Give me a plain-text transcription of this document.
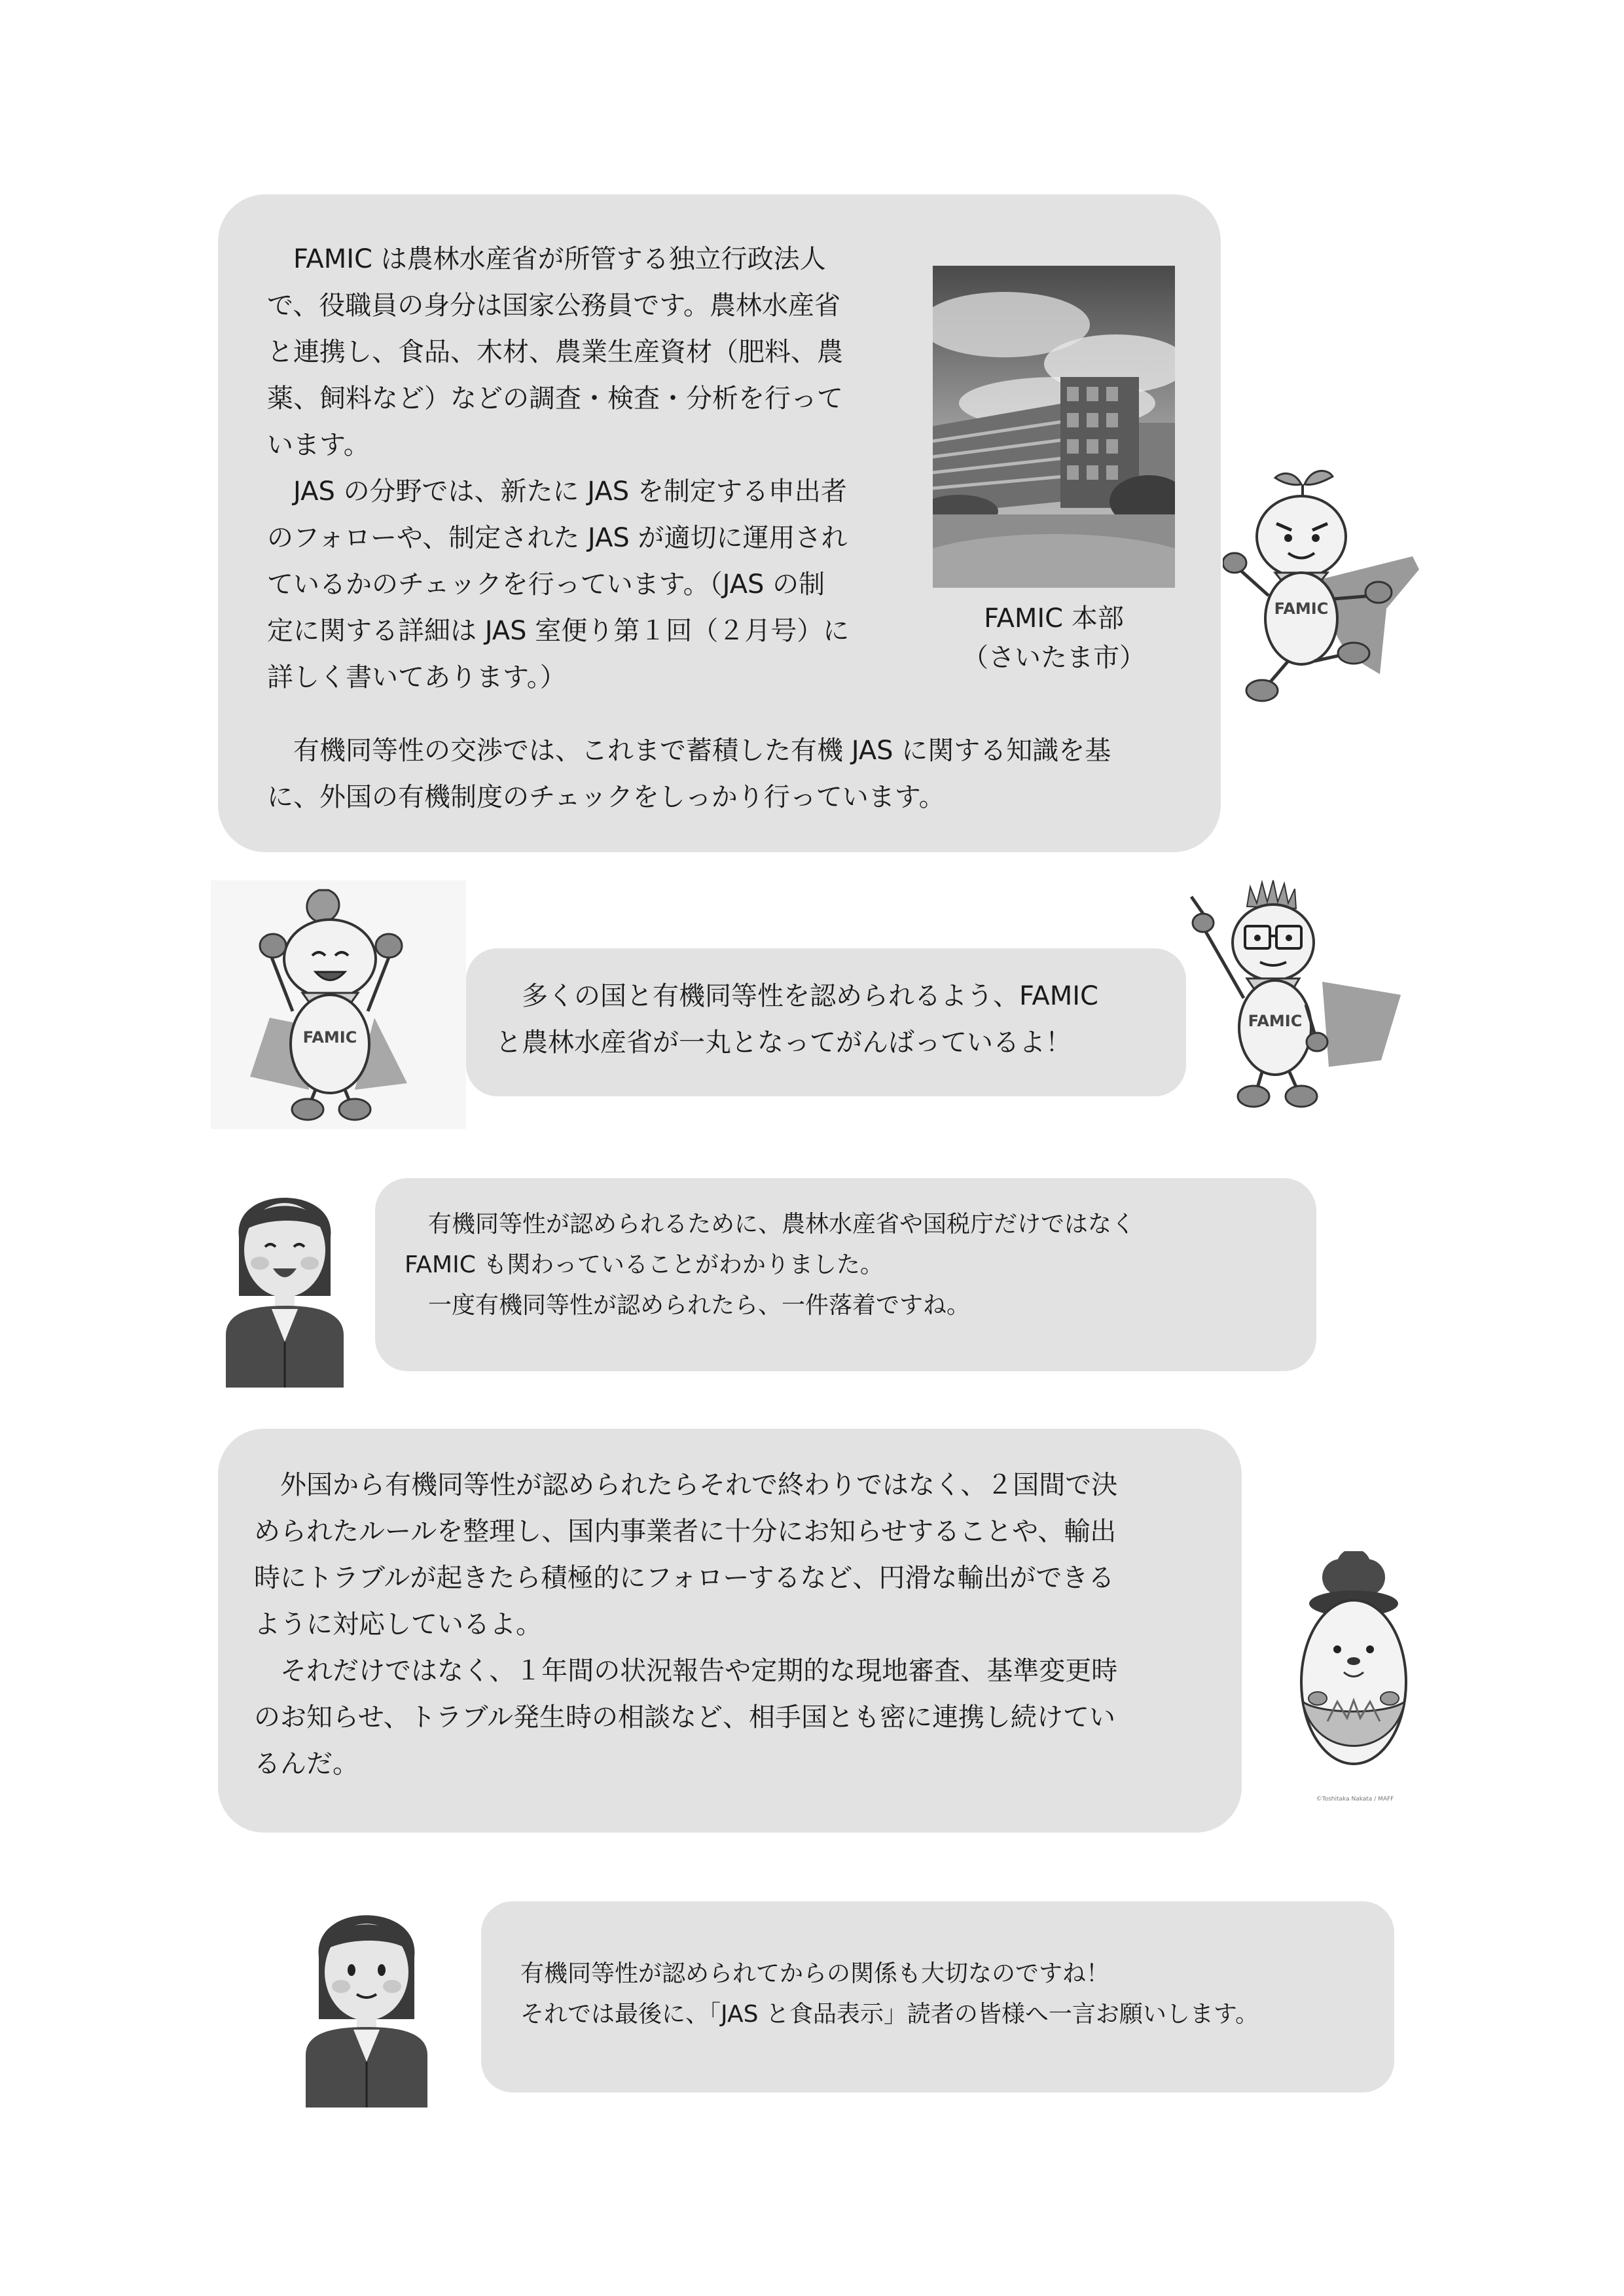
FAMIC は農林水産省が所管する独立行政法人

で、役職員の身分は国家公務員です。農林水産省

と連携し、食品、木材、農業生産資材（肥料、農

薬、飼料など）などの調査・検査・分析を行って

います。

JAS の分野では、新たに JAS を制定する申出者

のフォローや、制定された JAS が適切に運用され

ているかのチェックを行っています。（JAS の制

定に関する詳細は JAS 室便り第１回（２月号）に

詳しく書いてあります。）

有機同等性の交渉では、これまで蓄積した有機 JAS に関する知識を基

に、外国の有機制度のチェックをしっかり行っています。

FAMIC 本部
（さいたま市）
FAMIC
FAMIC

多くの国と有機同等性を認められるよう、FAMIC

と農林水産省が一丸となってがんばっているよ！

FAMIC

有機同等性が認められるために、農林水産省や国税庁だけではなく

FAMIC も関わっていることがわかりました。

一度有機同等性が認められたら、一件落着ですね。

外国から有機同等性が認められたらそれで終わりではなく、２国間で決

められたルールを整理し、国内事業者に十分にお知らせすることや、輸出

時にトラブルが起きたら積極的にフォローするなど、円滑な輸出ができる

ように対応しているよ。

それだけではなく、１年間の状況報告や定期的な現地審査、基準変更時

のお知らせ、トラブル発生時の相談など、相手国とも密に連携し続けてい

るんだ。

©Toshitaka Nakata / MAFF

有機同等性が認められてからの関係も大切なのですね！

それでは最後に、「JAS と食品表示」読者の皆様へ一言お願いします。
